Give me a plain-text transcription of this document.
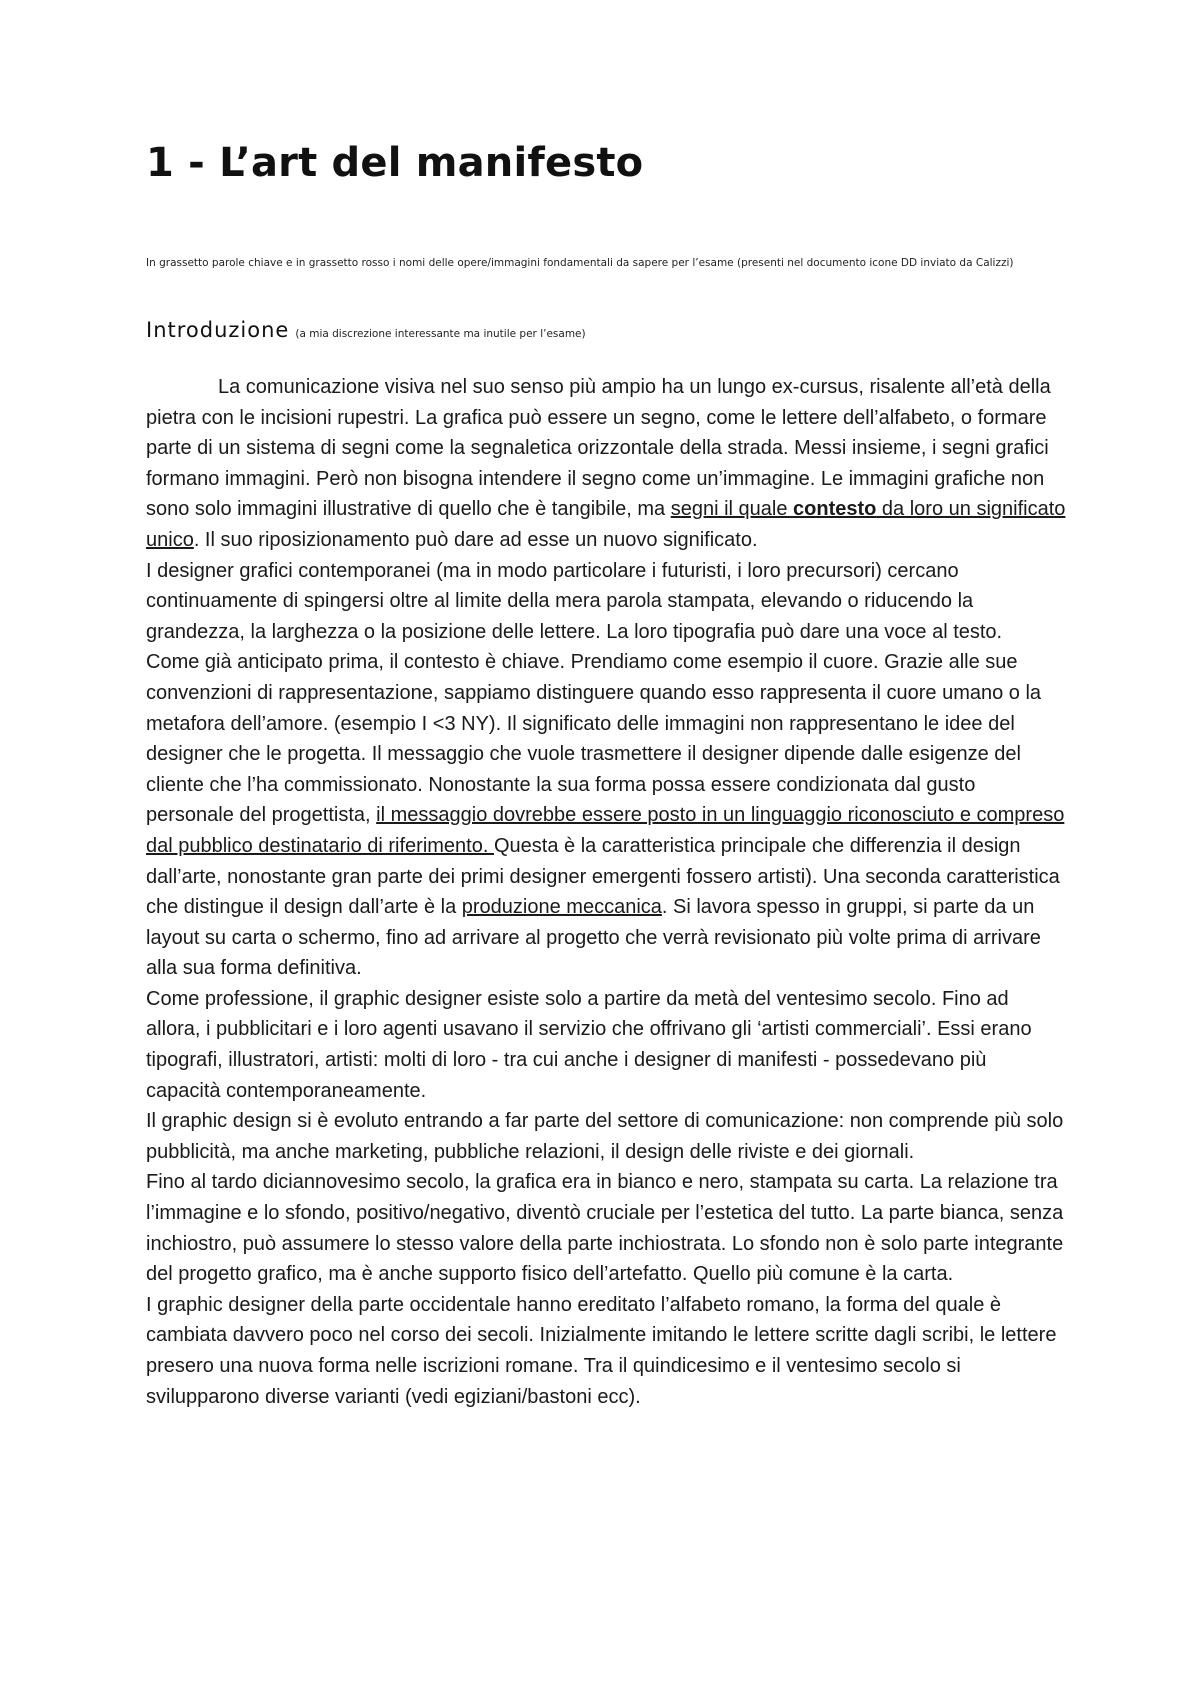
1 - L’art del manifesto

In grassetto parole chiave e in grassetto rosso i nomi delle opere/immagini fondamentali da sapere per l’esame (presenti nel documento icone DD inviato da Calizzi)

Introduzione (a mia discrezione interessante ma inutile per l’esame)

La comunicazione visiva nel suo senso più ampio ha un lungo ex-cursus, risalente all’età della pietra con le incisioni rupestri. La grafica può essere un segno, come le lettere dell’alfabeto, o formare parte di un sistema di segni come la segnaletica orizzontale della strada. Messi insieme, i segni grafici formano immagini. Però non bisogna intendere il segno come un’immagine. Le immagini grafiche non sono solo immagini illustrative di quello che è tangibile, ma segni il quale contesto da loro un significato unico. Il suo riposizionamento può dare ad esse un nuovo significato.

I designer grafici contemporanei (ma in modo particolare i futuristi, i loro precursori) cercano continuamente di spingersi oltre al limite della mera parola stampata, elevando o riducendo la grandezza, la larghezza o la posizione delle lettere. La loro tipografia può dare una voce al testo.

Come già anticipato prima, il contesto è chiave. Prendiamo come esempio il cuore. Grazie alle sue convenzioni di rappresentazione, sappiamo distinguere quando esso rappresenta il cuore umano o la metafora dell’amore. (esempio I <3 NY). Il significato delle immagini non rappresentano le idee del designer che le progetta. Il messaggio che vuole trasmettere il designer dipende dalle esigenze del cliente che l’ha commissionato. Nonostante la sua forma possa essere condizionata dal gusto personale del progettista, il messaggio dovrebbe essere posto in un linguaggio riconosciuto e compreso dal pubblico destinatario di riferimento. Questa è la caratteristica principale che differenzia il design dall’arte, nonostante gran parte dei primi designer emergenti fossero artisti). Una seconda caratteristica che distingue il design dall’arte è la produzione meccanica. Si lavora spesso in gruppi, si parte da un layout su carta o schermo, fino ad arrivare al progetto che verrà revisionato più volte prima di arrivare alla sua forma definitiva.

Come professione, il graphic designer esiste solo a partire da metà del ventesimo secolo. Fino ad allora, i pubblicitari e i loro agenti usavano il servizio che offrivano gli ‘artisti commerciali’. Essi erano tipografi, illustratori, artisti: molti di loro - tra cui anche i designer di manifesti - possedevano più capacità contemporaneamente.

Il graphic design si è evoluto entrando a far parte del settore di comunicazione: non comprende più solo pubblicità, ma anche marketing, pubbliche relazioni, il design delle riviste e dei giornali.

Fino al tardo diciannovesimo secolo, la grafica era in bianco e nero, stampata su carta. La relazione tra l’immagine e lo sfondo, positivo/negativo, diventò cruciale per l’estetica del tutto. La parte bianca, senza inchiostro, può assumere lo stesso valore della parte inchiostrata. Lo sfondo non è solo parte integrante del progetto grafico, ma è anche supporto fisico dell’artefatto. Quello più comune è la carta.

I graphic designer della parte occidentale hanno ereditato l’alfabeto romano, la forma del quale è cambiata davvero poco nel corso dei secoli. Inizialmente imitando le lettere scritte dagli scribi, le lettere presero una nuova forma nelle iscrizioni romane. Tra il quindicesimo e il ventesimo secolo si svilupparono diverse varianti (vedi egiziani/bastoni ecc).
